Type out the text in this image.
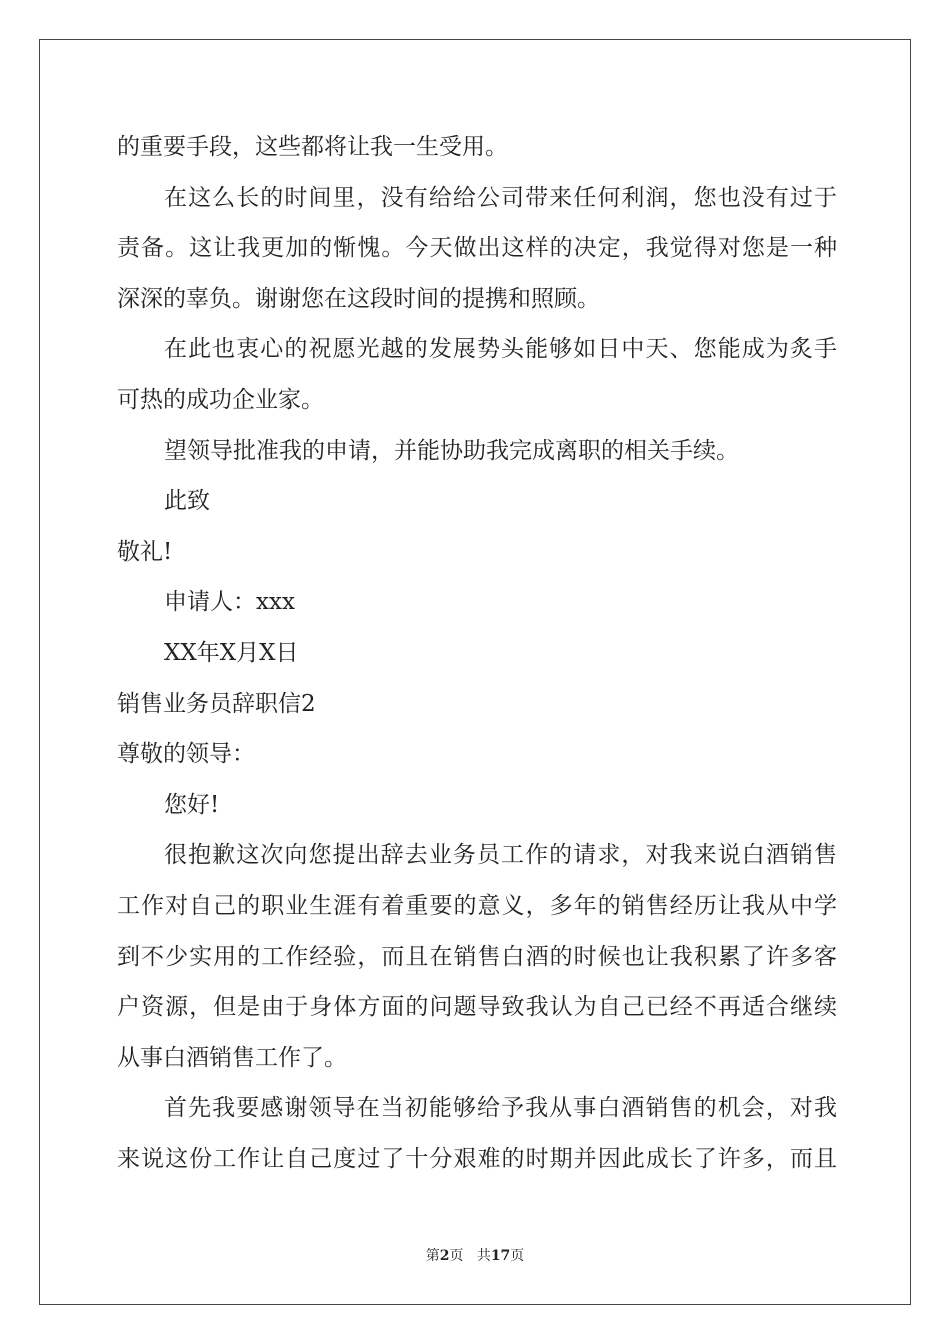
的重要手段，这些都将让我一生受用。
在这么长的时间里，没有给给公司带来任何利润，您也没有过于
责备。这让我更加的惭愧。今天做出这样的决定，我觉得对您是一种
深深的辜负。谢谢您在这段时间的提携和照顾。
在此也衷心的祝愿光越的发展势头能够如日中天、您能成为炙手
可热的成功企业家。
望领导批准我的申请，并能协助我完成离职的相关手续。
此致
敬礼!
申请人：xxx
XX年X月X日
销售业务员辞职信2
尊敬的领导：
您好!
很抱歉这次向您提出辞去业务员工作的请求，对我来说白酒销售
工作对自己的职业生涯有着重要的意义，多年的销售经历让我从中学
到不少实用的工作经验，而且在销售白酒的时候也让我积累了许多客
户资源，但是由于身体方面的问题导致我认为自己已经不再适合继续
从事白酒销售工作了。
首先我要感谢领导在当初能够给予我从事白酒销售的机会，对我
来说这份工作让自己度过了十分艰难的时期并因此成长了许多，而且
第2页 共17页
